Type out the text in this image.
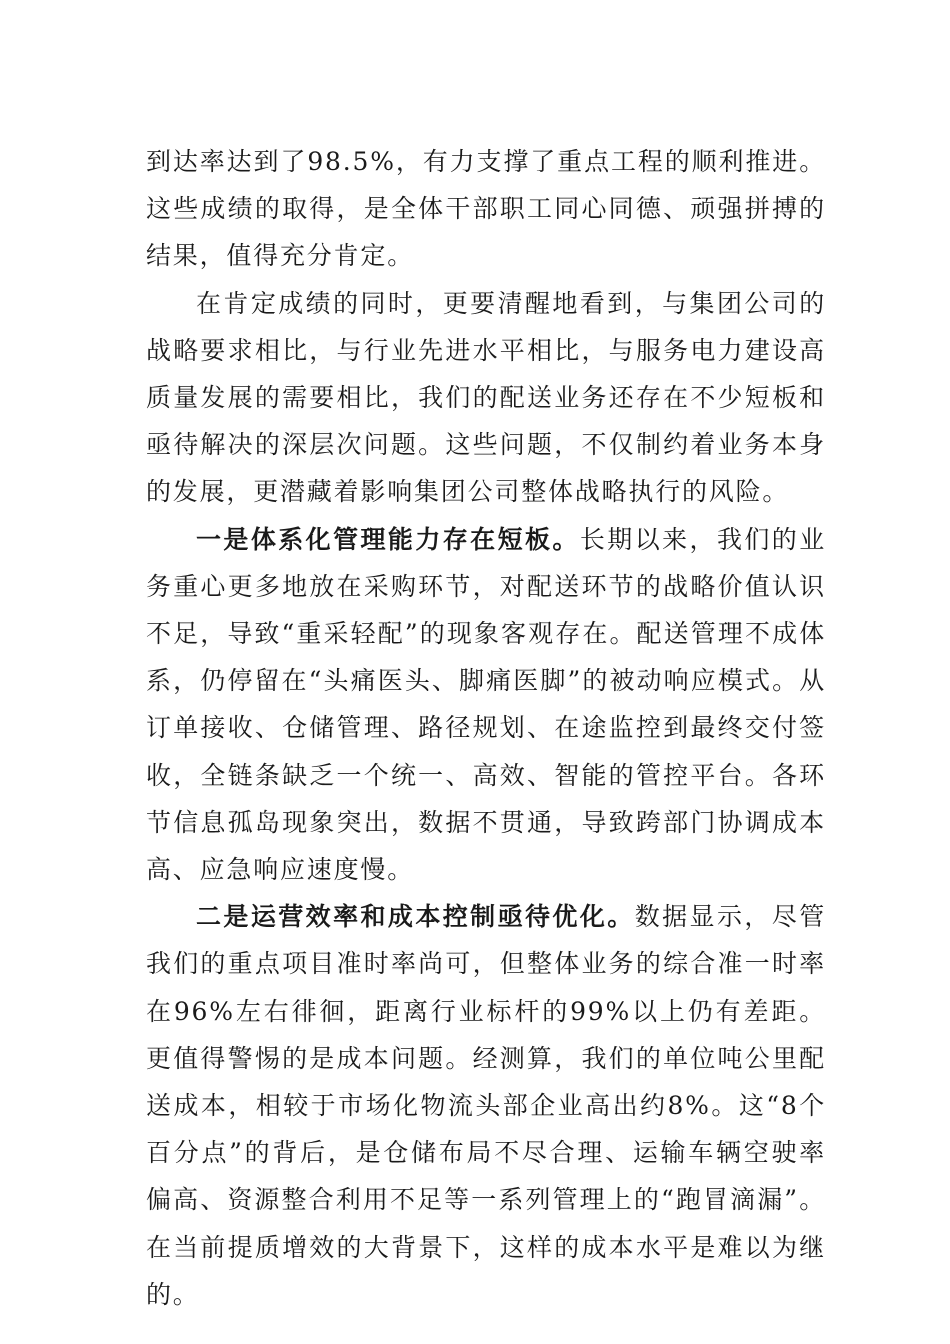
到达率达到了98.5%，有力支撑了重点工程的顺利推进。这些成绩的取得，是全体干部职工同心同德、顽强拼搏的结果，值得充分肯定。

在肯定成绩的同时，更要清醒地看到，与集团公司的战略要求相比，与行业先进水平相比，与服务电力建设高质量发展的需要相比，我们的配送业务还存在不少短板和亟待解决的深层次问题。这些问题，不仅制约着业务本身的发展，更潜藏着影响集团公司整体战略执行的风险。

一是体系化管理能力存在短板。长期以来，我们的业务重心更多地放在采购环节，对配送环节的战略价值认识不足，导致“重采轻配”的现象客观存在。配送管理不成体系，仍停留在“头痛医头、脚痛医脚”的被动响应模式。从订单接收、仓储管理、路径规划、在途监控到最终交付签收，全链条缺乏一个统一、高效、智能的管控平台。各环节信息孤岛现象突出，数据不贯通，导致跨部门协调成本高、应急响应速度慢。

二是运营效率和成本控制亟待优化。数据显示，尽管我们的重点项目准时率尚可，但整体业务的综合准一时率在96%左右徘徊，距离行业标杆的99%以上仍有差距。更值得警惕的是成本问题。经测算，我们的单位吨公里配送成本，相较于市场化物流头部企业高出约8%。这“8个百分点”的背后，是仓储布局不尽合理、运输车辆空驶率偏高、资源整合利用不足等一系列管理上的“跑冒滴漏”。在当前提质增效的大背景下，这样的成本水平是难以为继的。
